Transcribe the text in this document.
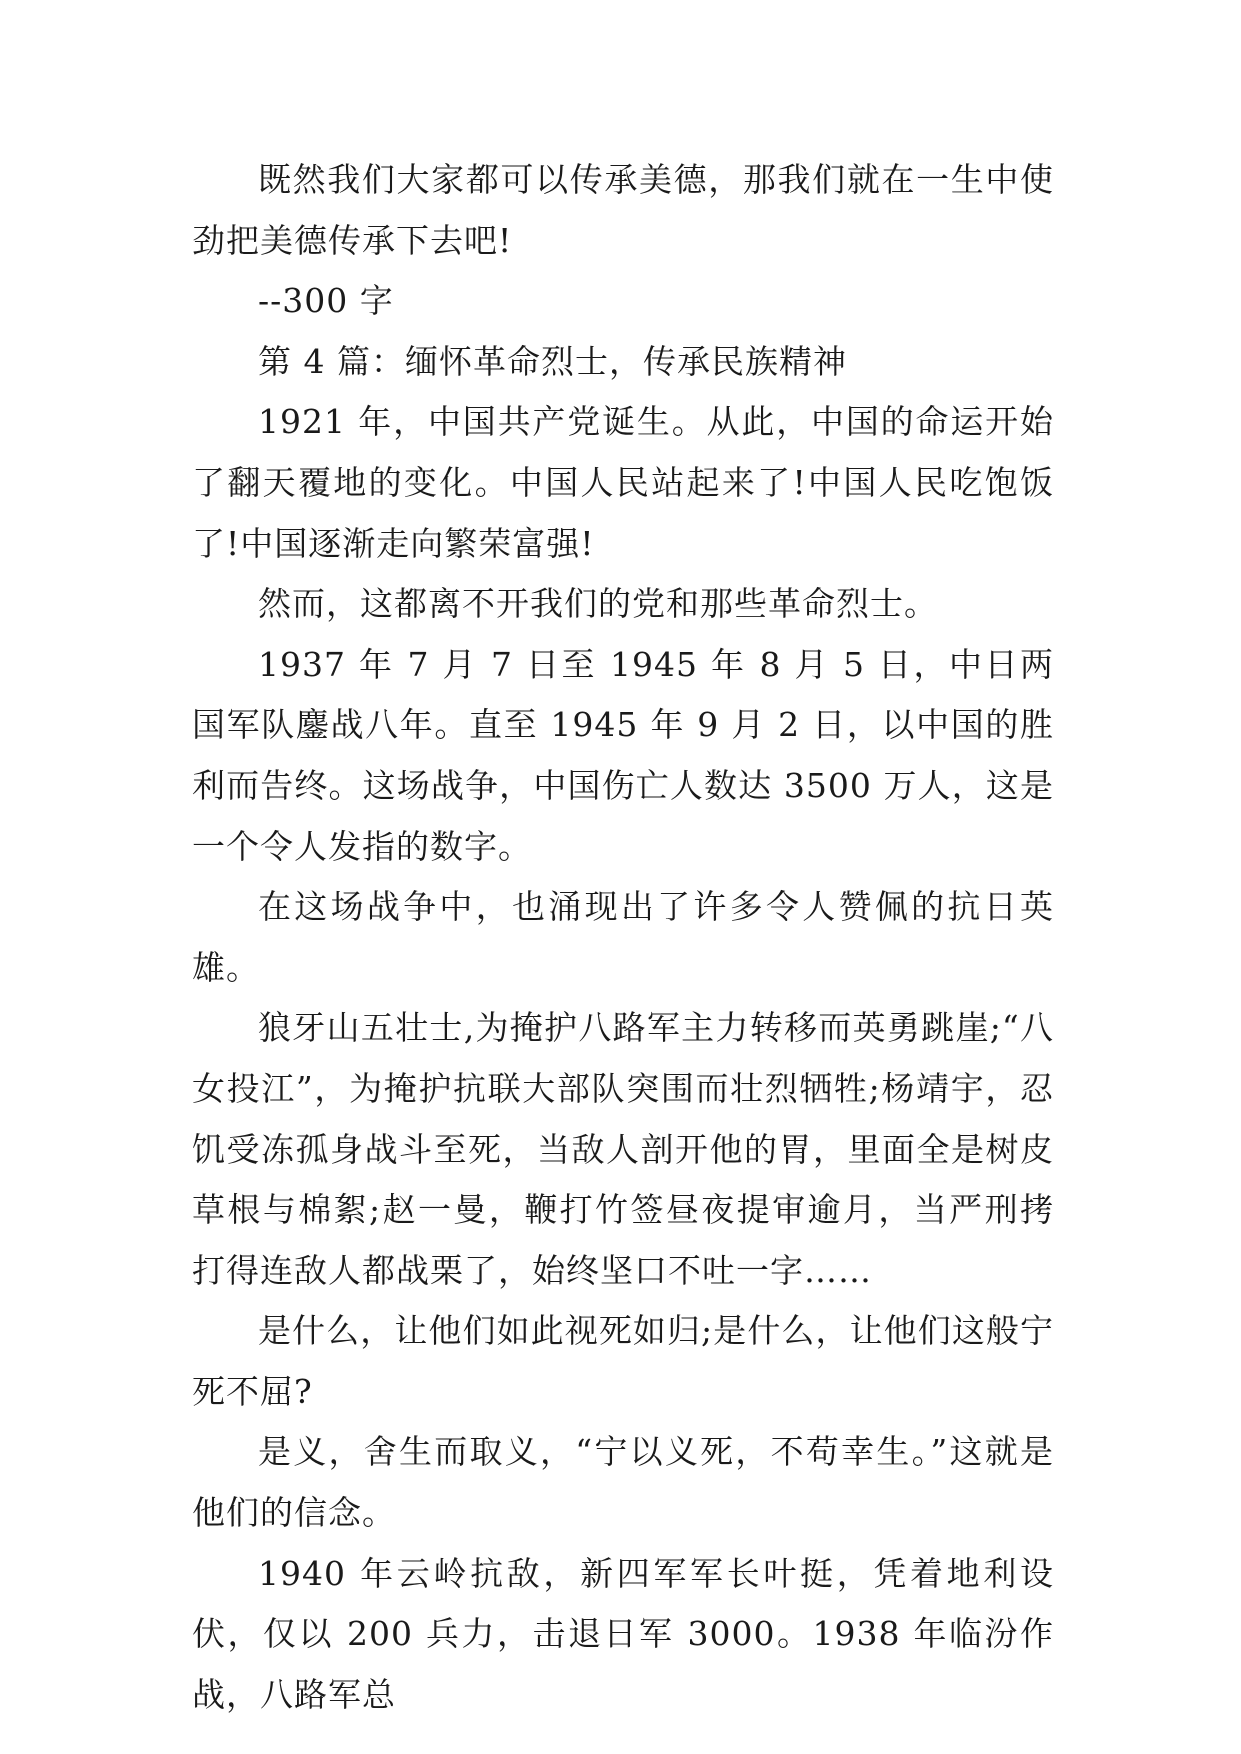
既然我们大家都可以传承美德，那我们就在一生中使劲把美德传承下去吧!

--300 字

第 4 篇：缅怀革命烈士，传承民族精神

1921 年，中国共产党诞生。从此，中国的命运开始了翻天覆地的变化。中国人民站起来了!中国人民吃饱饭了!中国逐渐走向繁荣富强!

然而，这都离不开我们的党和那些革命烈士。

1937 年 7 月 7 日至 1945 年 8 月 5 日，中日两国军队鏖战八年。直至 1945 年 9 月 2 日，以中国的胜利而告终。这场战争，中国伤亡人数达 3500 万人，这是一个令人发指的数字。

在这场战争中，也涌现出了许多令人赞佩的抗日英雄。

狼牙山五壮士,为掩护八路军主力转移而英勇跳崖;“八女投江”，为掩护抗联大部队突围而壮烈牺牲;杨靖宇，忍饥受冻孤身战斗至死，当敌人剖开他的胃，里面全是树皮草根与棉絮;赵一曼，鞭打竹签昼夜提审逾月，当严刑拷打得连敌人都战栗了，始终坚口不吐一字……

是什么，让他们如此视死如归;是什么，让他们这般宁死不屈?

是义，舍生而取义，“宁以义死，不苟幸生。”这就是他们的信念。

1940 年云岭抗敌，新四军军长叶挺，凭着地利设伏，仅以 200 兵力，击退日军 3000。1938 年临汾作战，八路军总
